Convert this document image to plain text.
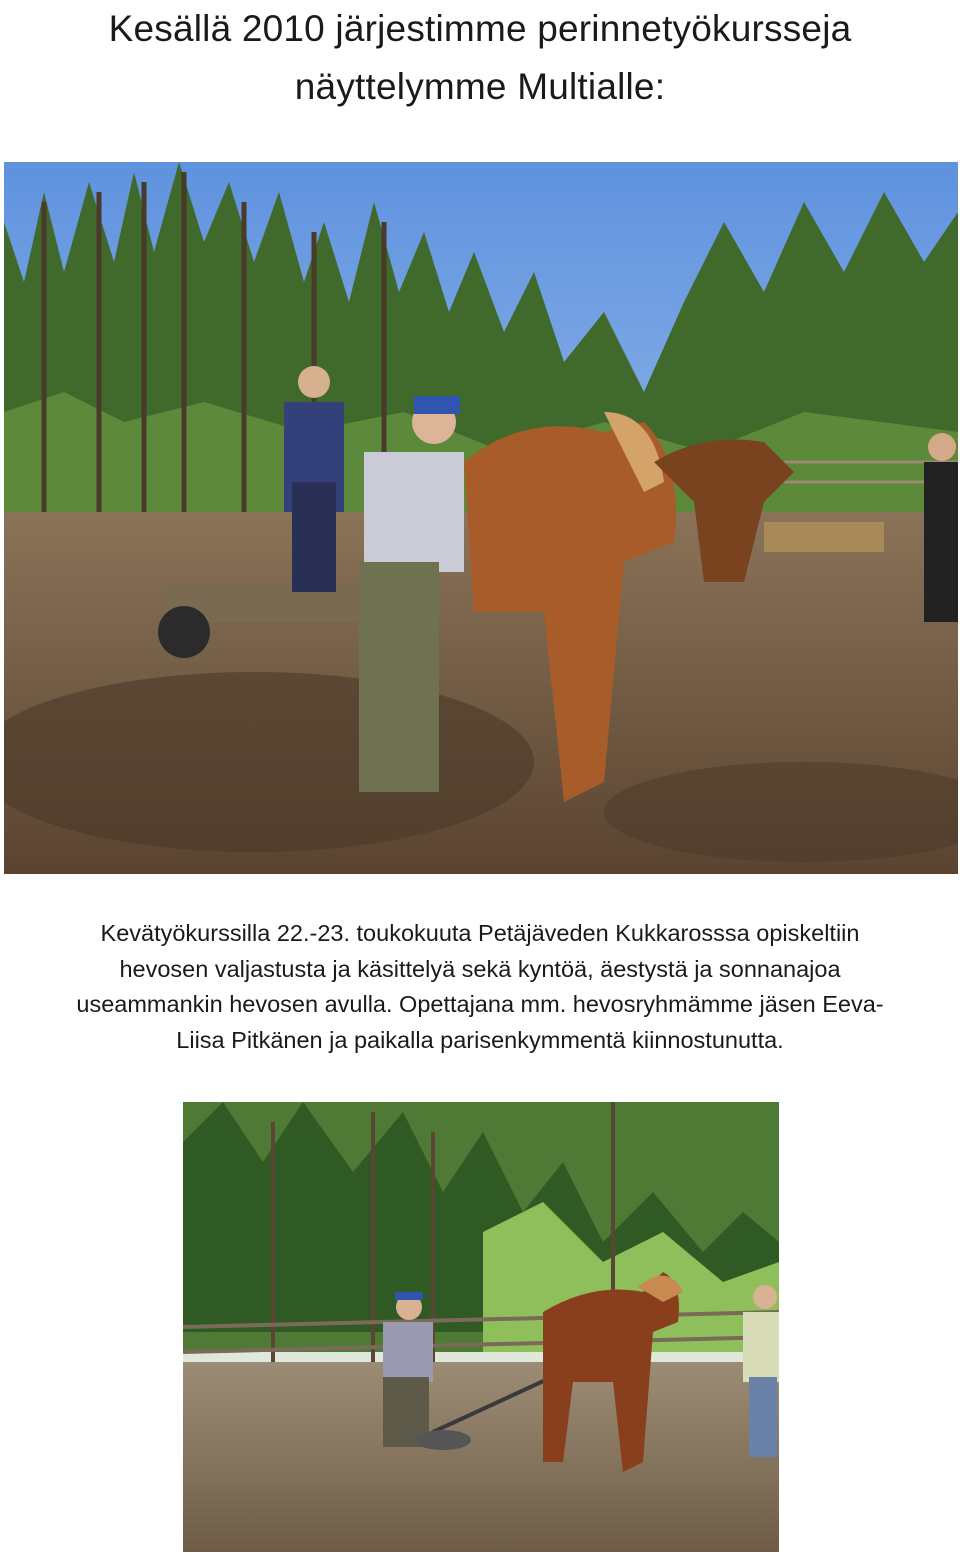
Kesällä 2010 järjestimme perinnetyökursseja
näyttelymme Multialle:
Kevätyökurssilla 22.-23. toukokuuta Petäjäveden Kukkarosssa opiskeltiin
hevosen valjastusta ja käsittelyä sekä kyntöä, äestystä ja sonnanajoa
useammankin hevosen avulla. Opettajana mm. hevosryhmämme jäsen Eeva-
Liisa Pitkänen ja paikalla parisenkymmentä kiinnostunutta.
